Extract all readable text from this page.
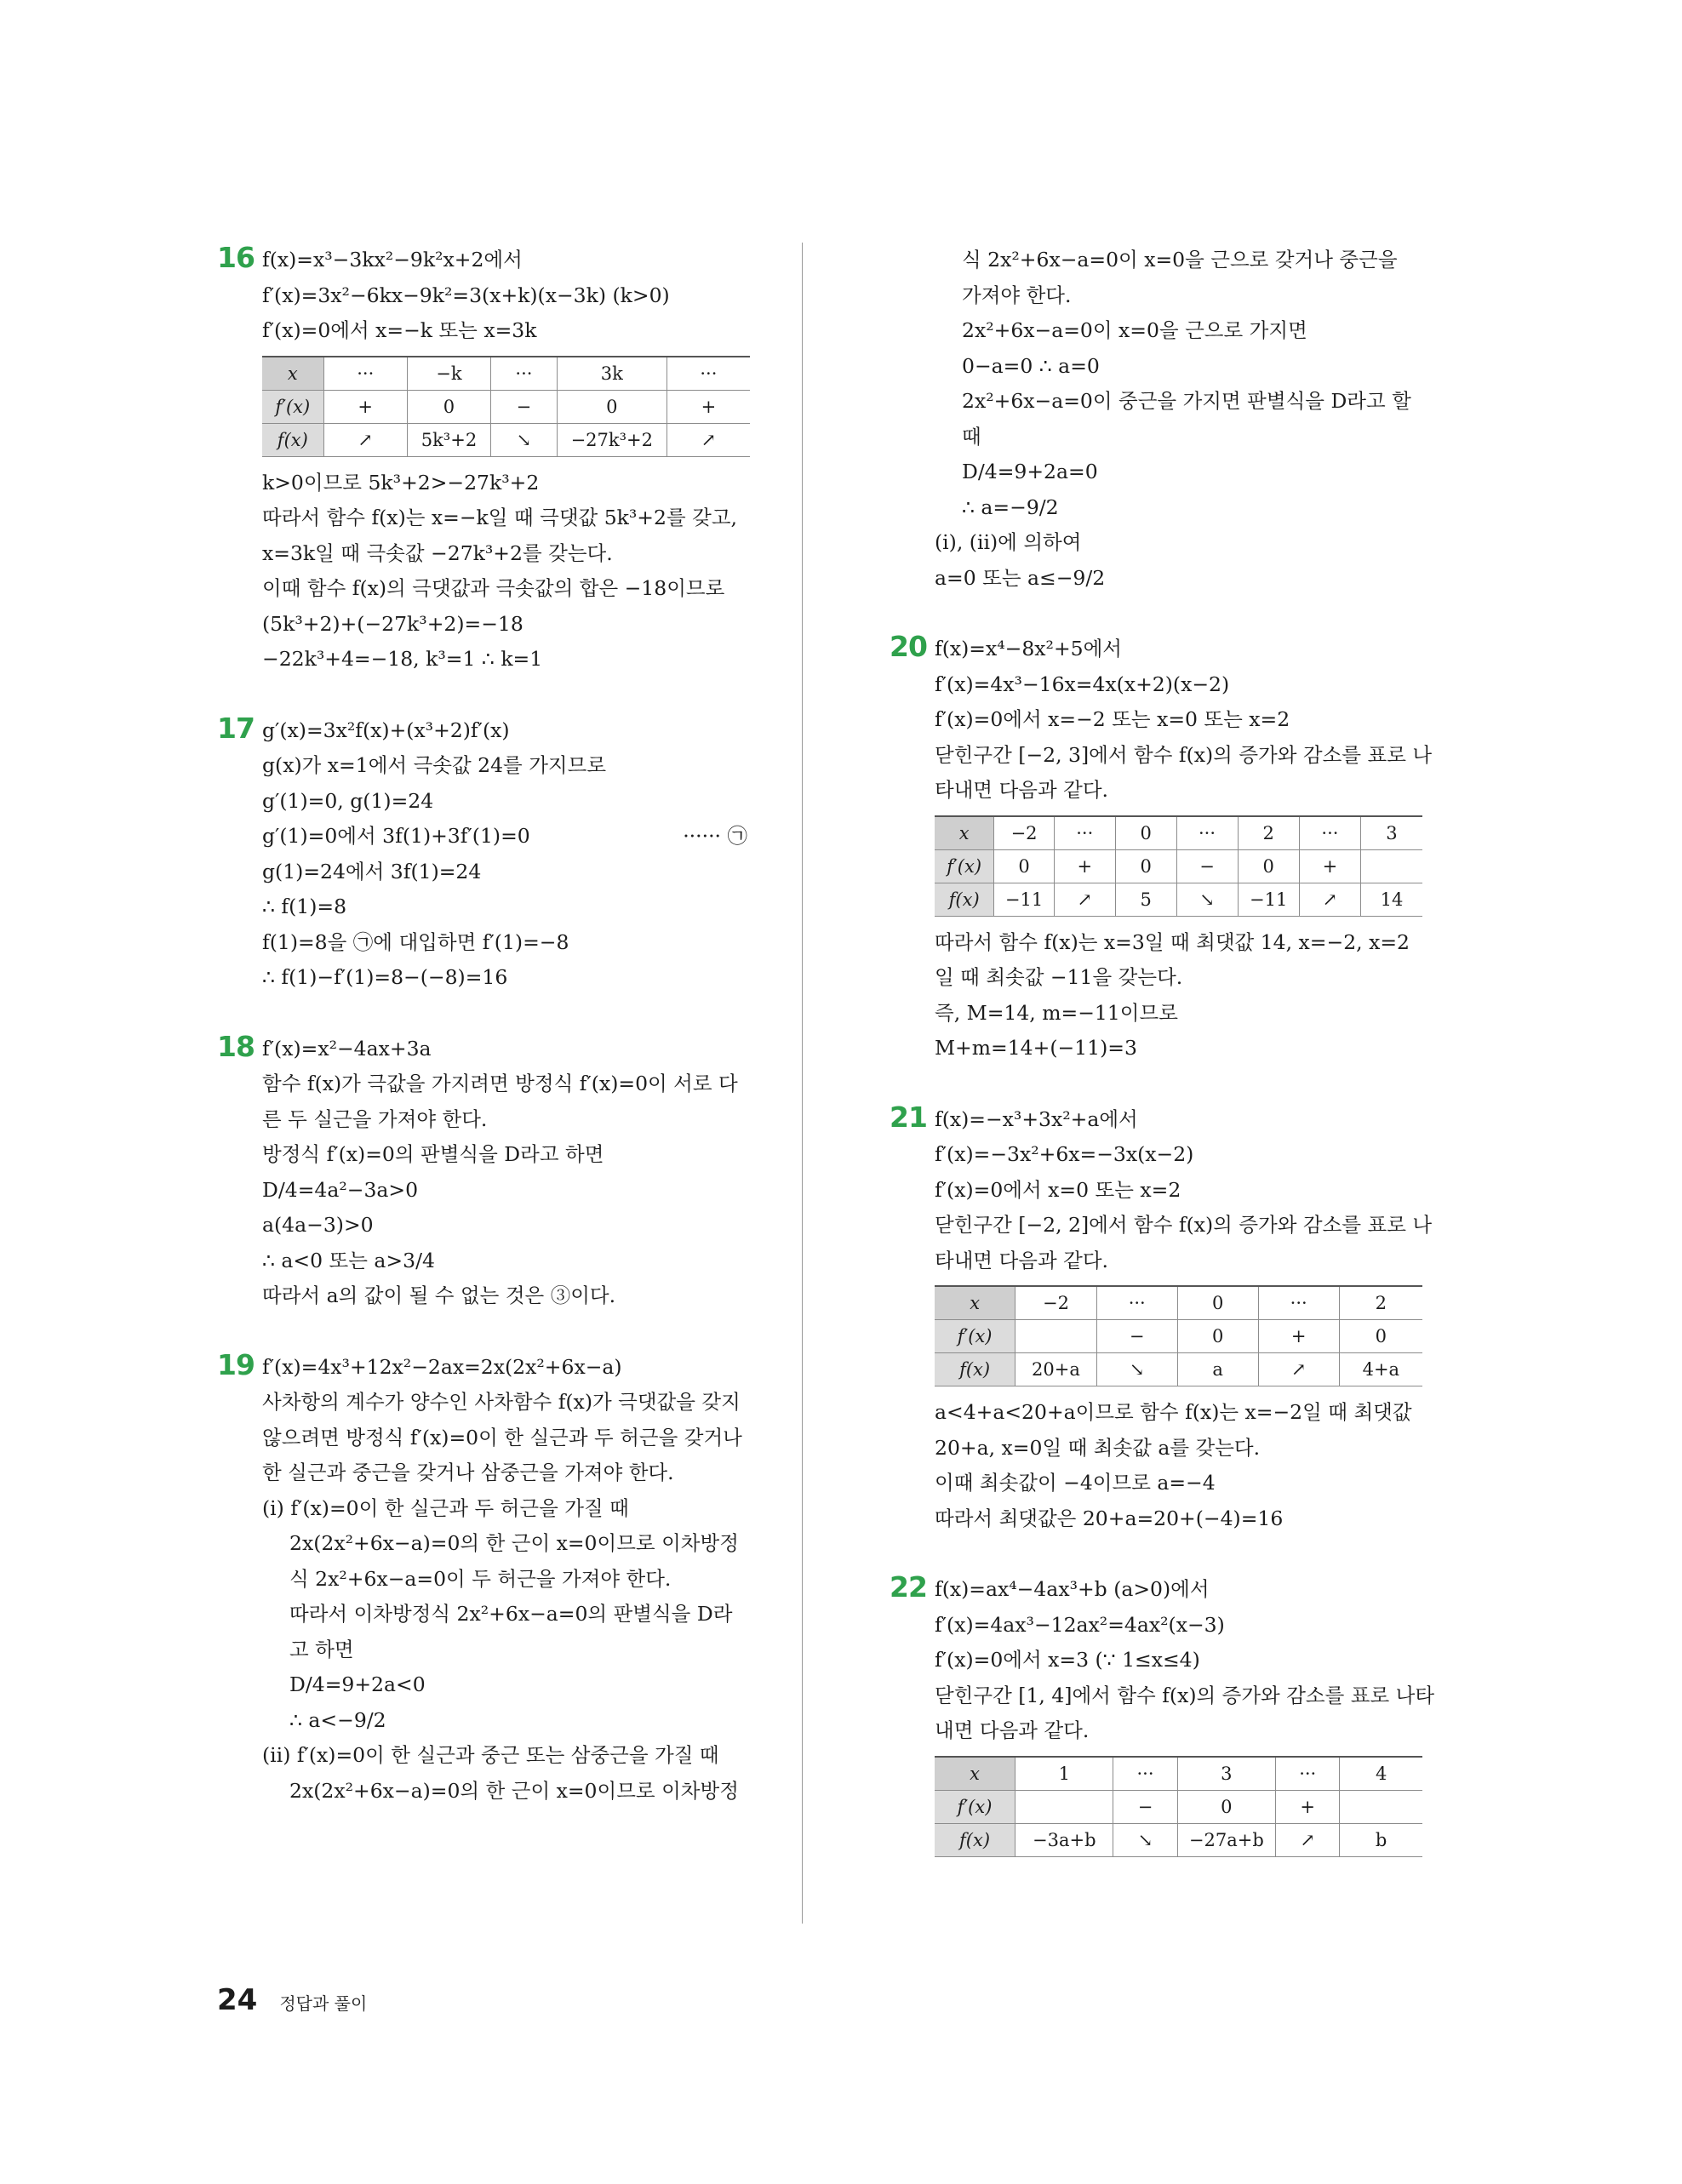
16 f(x)=x³−3kx²−9k²x+2에서
f′(x)=3x²−6kx−9k²=3(x+k)(x−3k) (k>0)
f′(x)=0에서 x=−k 또는 x=3k
x	···	−k	···	3k	···
f′(x)	+	0	−	0	+
f(x)	↗	5k³+2	↘	−27k³+2	↗
k>0이므로 5k³+2>−27k³+2
따라서 함수 f(x)는 x=−k일 때 극댓값 5k³+2를 갖고,
x=3k일 때 극솟값 −27k³+2를 갖는다.
이때 함수 f(x)의 극댓값과 극솟값의 합은 −18이므로
(5k³+2)+(−27k³+2)=−18
−22k³+4=−18, k³=1 ∴ k=1
17 g′(x)=3x²f(x)+(x³+2)f′(x)
g(x)가 x=1에서 극솟값 24를 가지므로
g′(1)=0, g(1)=24
g′(1)=0에서 3f(1)+3f′(1)=0	······ ㉠
g(1)=24에서 3f(1)=24
∴ f(1)=8
f(1)=8을 ㉠에 대입하면 f′(1)=−8
∴ f(1)−f′(1)=8−(−8)=16
18 f′(x)=x²−4ax+3a
함수 f(x)가 극값을 가지려면 방정식 f′(x)=0이 서로 다
른 두 실근을 가져야 한다.
방정식 f′(x)=0의 판별식을 D라고 하면
D/4=4a²−3a>0
a(4a−3)>0
∴ a<0 또는 a>3/4
따라서 a의 값이 될 수 없는 것은 ③이다.
19 f′(x)=4x³+12x²−2ax=2x(2x²+6x−a)
사차항의 계수가 양수인 사차함수 f(x)가 극댓값을 갖지
않으려면 방정식 f′(x)=0이 한 실근과 두 허근을 갖거나
한 실근과 중근을 갖거나 삼중근을 가져야 한다.
(ⅰ) f′(x)=0이 한 실근과 두 허근을 가질 때
2x(2x²+6x−a)=0의 한 근이 x=0이므로 이차방정
식 2x²+6x−a=0이 두 허근을 가져야 한다.
따라서 이차방정식 2x²+6x−a=0의 판별식을 D라
고 하면
D/4=9+2a<0
∴ a<−9/2
(ⅱ) f′(x)=0이 한 실근과 중근 또는 삼중근을 가질 때
2x(2x²+6x−a)=0의 한 근이 x=0이므로 이차방정
식 2x²+6x−a=0이 x=0을 근으로 갖거나 중근을
가져야 한다.
2x²+6x−a=0이 x=0을 근으로 가지면
0−a=0 ∴ a=0
2x²+6x−a=0이 중근을 가지면 판별식을 D라고 할
때
D/4=9+2a=0
∴ a=−9/2
(ⅰ), (ⅱ)에 의하여
a=0 또는 a≤−9/2
20 f(x)=x⁴−8x²+5에서
f′(x)=4x³−16x=4x(x+2)(x−2)
f′(x)=0에서 x=−2 또는 x=0 또는 x=2
닫힌구간 [−2, 3]에서 함수 f(x)의 증가와 감소를 표로 나
타내면 다음과 같다.
x	−2	···	0	···	2	···	3
f′(x)	0	+	0	−	0	+	
f(x)	−11	↗	5	↘	−11	↗	14
따라서 함수 f(x)는 x=3일 때 최댓값 14, x=−2, x=2
일 때 최솟값 −11을 갖는다.
즉, M=14, m=−11이므로
M+m=14+(−11)=3
21 f(x)=−x³+3x²+a에서
f′(x)=−3x²+6x=−3x(x−2)
f′(x)=0에서 x=0 또는 x=2
닫힌구간 [−2, 2]에서 함수 f(x)의 증가와 감소를 표로 나
타내면 다음과 같다.
x	−2	···	0	···	2
f′(x)		−	0	+	0
f(x)	20+a	↘	a	↗	4+a
a<4+a<20+a이므로 함수 f(x)는 x=−2일 때 최댓값
20+a, x=0일 때 최솟값 a를 갖는다.
이때 최솟값이 −4이므로 a=−4
따라서 최댓값은 20+a=20+(−4)=16
22 f(x)=ax⁴−4ax³+b (a>0)에서
f′(x)=4ax³−12ax²=4ax²(x−3)
f′(x)=0에서 x=3 (∵ 1≤x≤4)
닫힌구간 [1, 4]에서 함수 f(x)의 증가와 감소를 표로 나타
내면 다음과 같다.
x	1	···	3	···	4
f′(x)		−	0	+	
f(x)	−3a+b	↘	−27a+b	↗	b
24 정답과 풀이
